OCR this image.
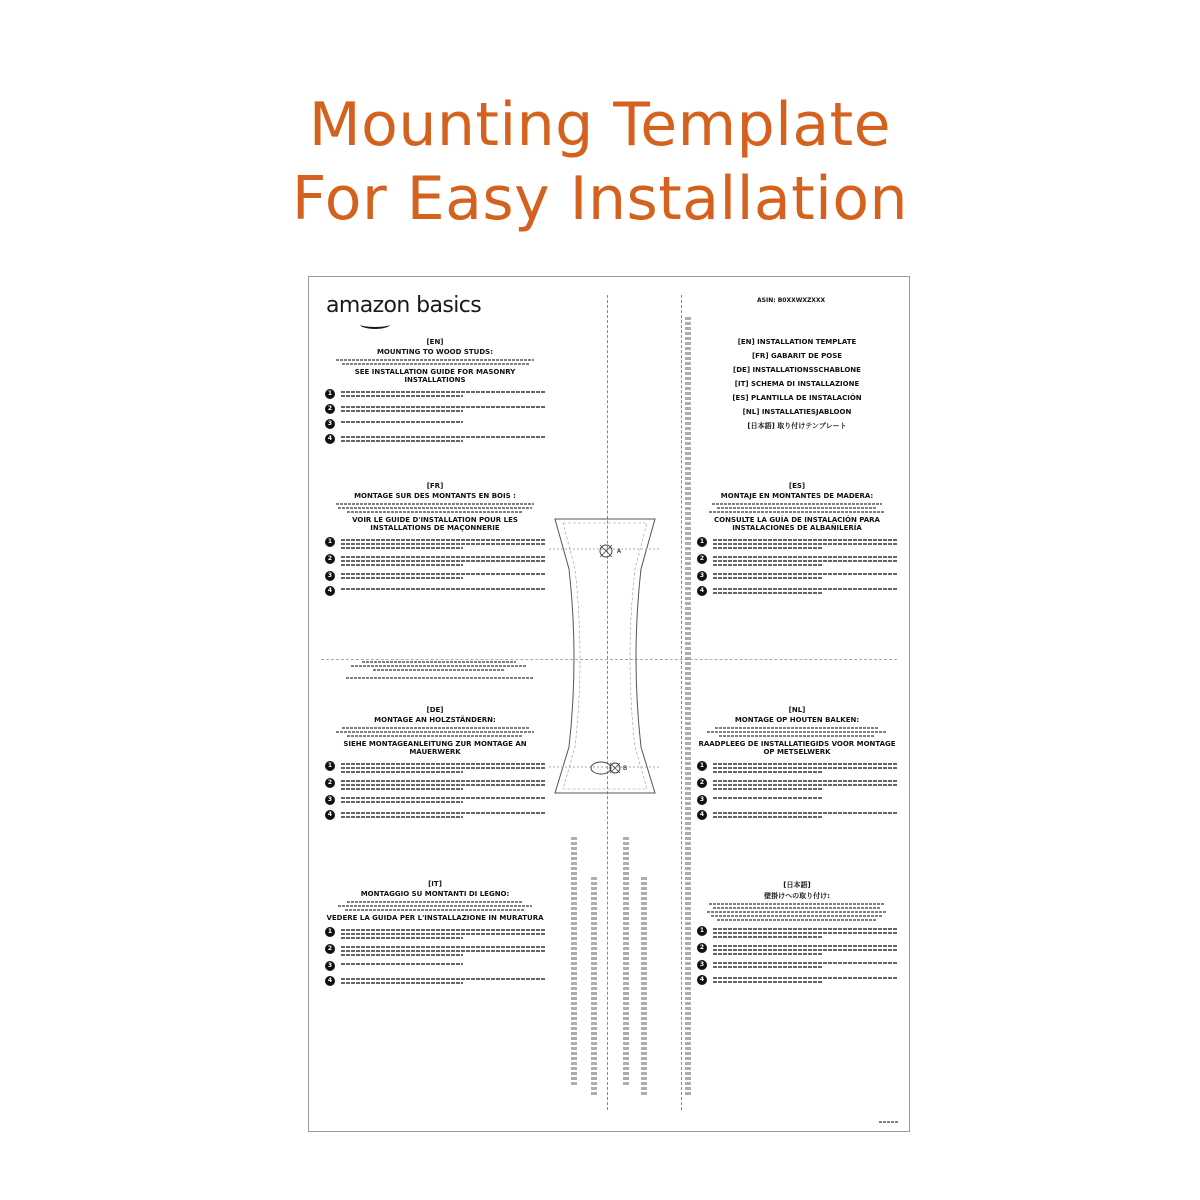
Mounting Template
For Easy Installation
amazon basics	ASIN: B0XXWXZXXX
[EN] INSTALLATION TEMPLATE
[FR] GABARIT DE POSE
[DE] INSTALLATIONSSCHABLONE
[IT] SCHEMA DI INSTALLAZIONE
[ES] PLANTILLA DE INSTALACIÓN
[NL] INSTALLATIESJABLOON
[日本語] 取り付けテンプレート
[EN]
MOUNTING TO WOOD STUDS:
SEE INSTALLATION GUIDE FOR MASONRY INSTALLATIONS
1
2
3
4
[FR]
MONTAGE SUR DES MONTANTS EN BOIS :
VOIR LE GUIDE D'INSTALLATION POUR LES INSTALLATIONS DE MAÇONNERIE
1
2
3
4
[DE]
MONTAGE AN HOLZSTÄNDERN:
SIEHE MONTAGEANLEITUNG ZUR MONTAGE AN MAUERWERK
1
2
3
4
[IT]
MONTAGGIO SU MONTANTI DI LEGNO:
VEDERE LA GUIDA PER L'INSTALLAZIONE IN MURATURA
1
2
3
4
[ES]
MONTAJE EN MONTANTES DE MADERA:
CONSULTE LA GUÍA DE INSTALACIÓN PARA INSTALACIONES DE ALBAÑILERÍA
1
2
3
4
[NL]
MONTAGE OP HOUTEN BALKEN:
RAADPLEEG DE INSTALLATIEGIDS VOOR MONTAGE OP METSELWERK
1
2
3
4
[日本語]
壁掛けへの取り付け:
1
2
3
4
A
B
